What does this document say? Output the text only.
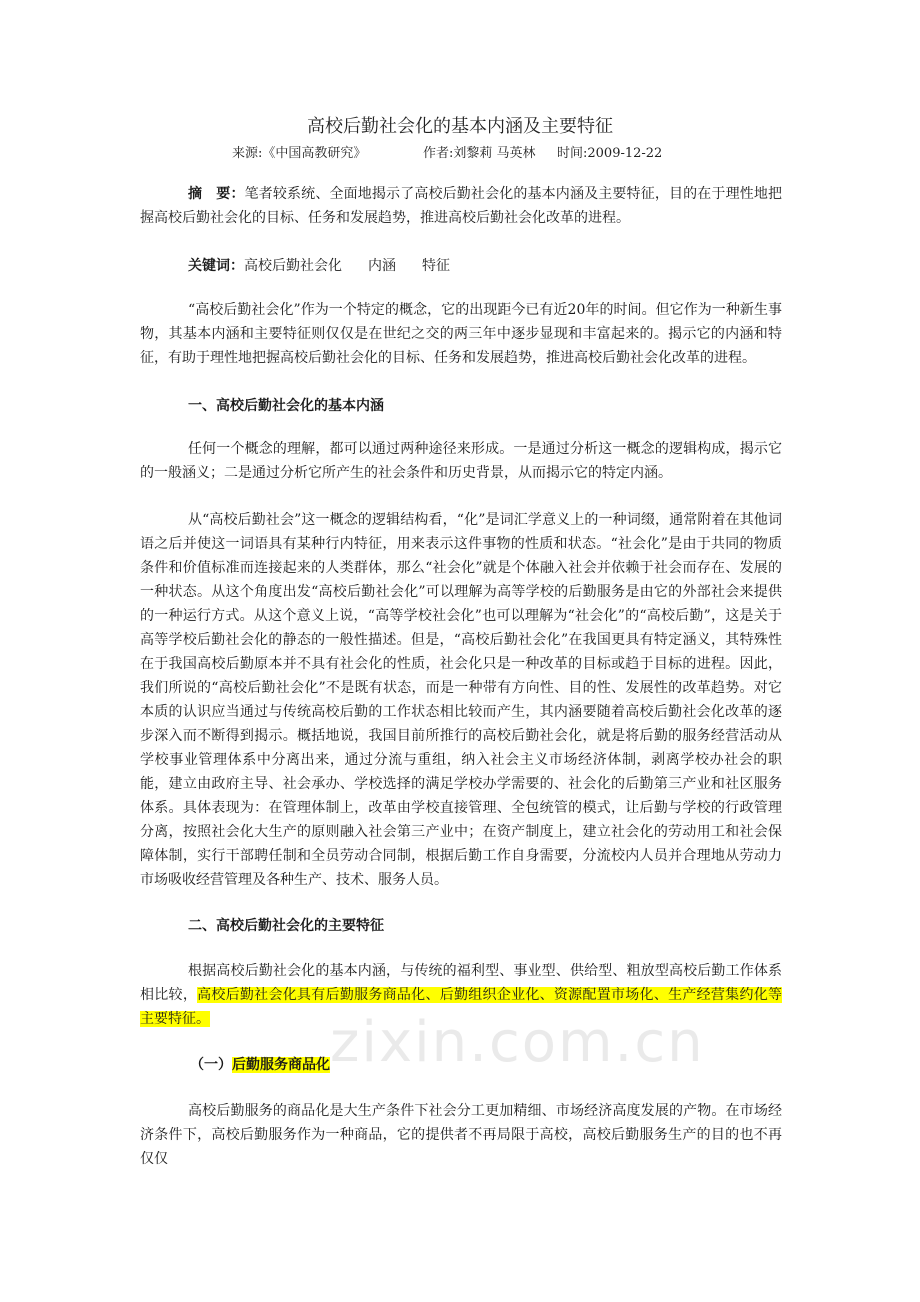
zixin.com.cn
高校后勤社会化的基本内涵及主要特征
来源:《中国高教研究》	作者:刘黎莉 马英林 时间:2009-12-22

摘　要：笔者较系统、全面地揭示了高校后勤社会化的基本内涵及主要特征，目的在于理性地把握高校后勤社会化的目标、任务和发展趋势，推进高校后勤社会化改革的进程。

关键词：高校后勤社会化 内涵 特征

“高校后勤社会化”作为一个特定的概念，它的出现距今已有近20年的时间。但它作为一种新生事物，其基本内涵和主要特征则仅仅是在世纪之交的两三年中逐步显现和丰富起来的。揭示它的内涵和特征，有助于理性地把握高校后勤社会化的目标、任务和发展趋势，推进高校后勤社会化改革的进程。

一、高校后勤社会化的基本内涵

任何一个概念的理解，都可以通过两种途径来形成。一是通过分析这一概念的逻辑构成，揭示它的一般涵义；二是通过分析它所产生的社会条件和历史背景，从而揭示它的特定内涵。

从“高校后勤社会”这一概念的逻辑结构看，“化”是词汇学意义上的一种词缀，通常附着在其他词语之后并使这一词语具有某种行内特征，用来表示这件事物的性质和状态。“社会化”是由于共同的物质条件和价值标准而连接起来的人类群体，那么“社会化”就是个体融入社会并依赖于社会而存在、发展的一种状态。从这个角度出发“高校后勤社会化”可以理解为高等学校的后勤服务是由它的外部社会来提供的一种运行方式。从这个意义上说，“高等学校社会化”也可以理解为“社会化”的“高校后勤”，这是关于高等学校后勤社会化的静态的一般性描述。但是，“高校后勤社会化”在我国更具有特定涵义，其特殊性在于我国高校后勤原本并不具有社会化的性质，社会化只是一种改革的目标或趋于目标的进程。因此，我们所说的“高校后勤社会化”不是既有状态，而是一种带有方向性、目的性、发展性的改革趋势。对它本质的认识应当通过与传统高校后勤的工作状态相比较而产生，其内涵要随着高校后勤社会化改革的逐步深入而不断得到揭示。概括地说，我国目前所推行的高校后勤社会化，就是将后勤的服务经营活动从学校事业管理体系中分离出来，通过分流与重组，纳入社会主义市场经济体制，剥离学校办社会的职能，建立由政府主导、社会承办、学校选择的满足学校办学需要的、社会化的后勤第三产业和社区服务体系。具体表现为：在管理体制上，改革由学校直接管理、全包统管的模式，让后勤与学校的行政管理分离，按照社会化大生产的原则融入社会第三产业中；在资产制度上，建立社会化的劳动用工和社会保障体制，实行干部聘任制和全员劳动合同制，根据后勤工作自身需要，分流校内人员并合理地从劳动力市场吸收经营管理及各种生产、技术、服务人员。

二、高校后勤社会化的主要特征

根据高校后勤社会化的基本内涵，与传统的福利型、事业型、供给型、粗放型高校后勤工作体系相比较，高校后勤社会化具有后勤服务商品化、后勤组织企业化、资源配置市场化、生产经营集约化等主要特征。

（一）后勤服务商品化

高校后勤服务的商品化是大生产条件下社会分工更加精细、市场经济高度发展的产物。在市场经济条件下，高校后勤服务作为一种商品，它的提供者不再局限于高校，高校后勤服务生产的目的也不再仅仅
